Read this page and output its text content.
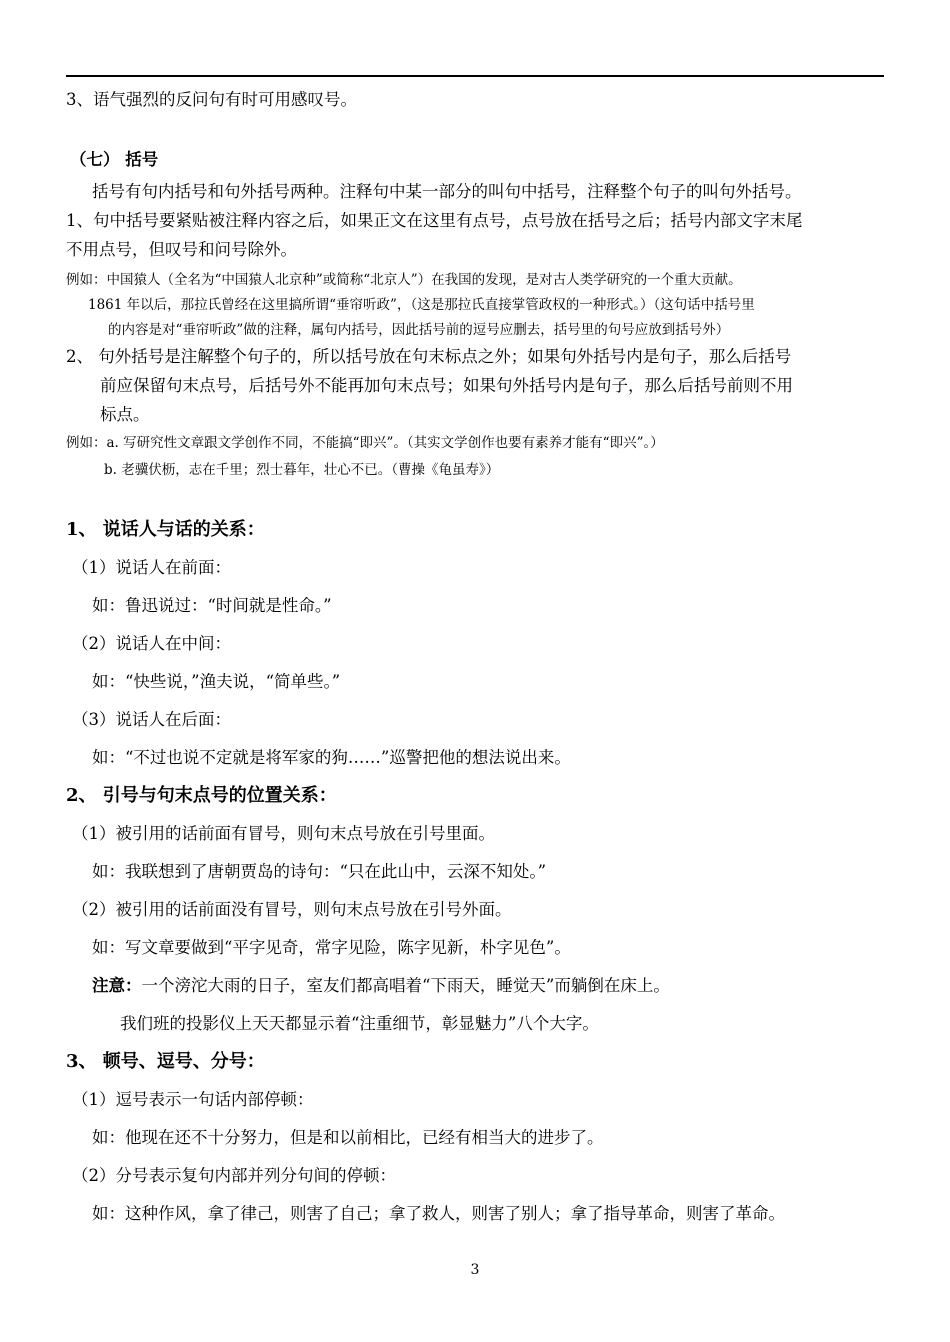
3、语气强烈的反问句有时可用感叹号。
（七） 括号
括号有句内括号和句外括号两种。注释句中某一部分的叫句中括号，注释整个句子的叫句外括号。
1、句中括号要紧贴被注释内容之后，如果正文在这里有点号，点号放在括号之后；括号内部文字末尾
不用点号，但叹号和问号除外。
例如：中国猿人（全名为“中国猿人北京种”或简称“北京人”）在我国的发现，是对古人类学研究的一个重大贡献。
1861 年以后，那拉氏曾经在这里搞所谓“垂帘听政”，（这是那拉氏直接掌管政权的一种形式。）（这句话中括号里
的内容是对“垂帘听政”做的注释，属句内括号，因此括号前的逗号应删去，括号里的句号应放到括号外）
2、 句外括号是注解整个句子的，所以括号放在句末标点之外；如果句外括号内是句子，那么后括号
前应保留句末点号，后括号外不能再加句末点号；如果句外括号内是句子，那么后括号前则不用
标点。
例如：a. 写研究性文章跟文学创作不同，不能搞“即兴”。（其实文学创作也要有素养才能有“即兴”。）
b. 老骥伏枥，志在千里；烈士暮年，壮心不已。（曹操《龟虽寿》）
1、 说话人与话的关系：
（1）说话人在前面：
如：鲁迅说过：“时间就是性命。”
（2）说话人在中间：
如：“快些说，”渔夫说，“简单些。”
（3）说话人在后面：
如：“不过也说不定就是将军家的狗……”巡警把他的想法说出来。
2、 引号与句末点号的位置关系：
（1）被引用的话前面有冒号，则句末点号放在引号里面。
如：我联想到了唐朝贾岛的诗句：“只在此山中，云深不知处。”
（2）被引用的话前面没有冒号，则句末点号放在引号外面。
如：写文章要做到“平字见奇，常字见险，陈字见新，朴字见色”。
注意：一个滂沱大雨的日子，室友们都高唱着“下雨天，睡觉天”而躺倒在床上。
我们班的投影仪上天天都显示着“注重细节，彰显魅力”八个大字。
3、 顿号、逗号、分号：
（1）逗号表示一句话内部停顿：
如：他现在还不十分努力，但是和以前相比，已经有相当大的进步了。
（2）分号表示复句内部并列分句间的停顿：
如：这种作风，拿了律己，则害了自己；拿了救人，则害了别人；拿了指导革命，则害了革命。
3
